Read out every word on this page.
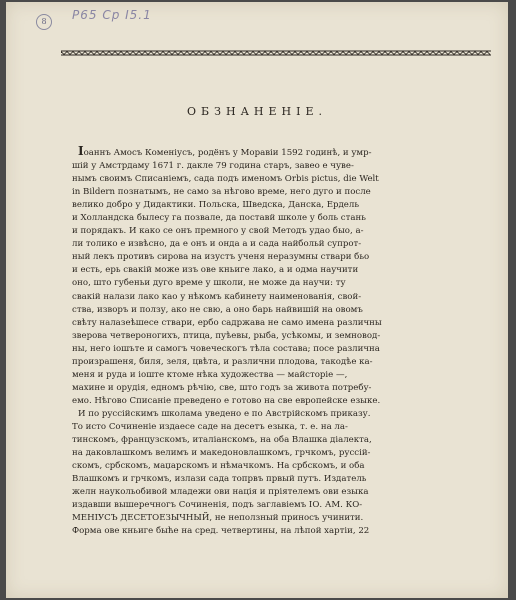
8	Р65 Ср І5.1
ОБЗНАНЕНІЕ.
Іоаннъ Амосъ Коменіусъ, родёнъ у Моравіи 1592 годинѣ, и умр-
шій у Амстрдаму 1671 г. дакле 79 година старъ, завео е чуве-
нымъ своимъ Списаніемъ, сада подъ именомъ Orbis pictus, die Welt
in Bildern познатымъ, не само за нѣгово време, него дуго и после
велико добро у Дидактики. Польска, Шведска, Данска, Ердель
и Холландска былесу га позвале, да поставй школе у боль стань
и порядакъ. И како се онъ премного у свой Методъ удао быо, а-
ли толико е извѣсно, да е онъ и онда а и сада найбольй супрот-
ный лекъ противъ сирова на изустъ ученя неразумны ствари бьо
и есть, ерь свакій може изъ ове кньиге лако, а и одма научити
оно, што губеньи дуго време у школи, не може да научи: ту
свакій налази лако као у нѣкомъ кабинету наименованія, свой-
ства, изворъ и ползу, ако не свю, а оно барь найвишій на овомъ
свѣту налазеѣшесе ствари, ербо садржава не само имена различны
зверова четвероногихъ, птица, пуѣевы, рыба, усѣкомы, и земновод-
ны, него іошъте и самогъ човеческогъ тѣла состава; посе различна
произрашеня, биля, зеля, цвѣта, и различни плодова, такодѣе ка-
меня и руда и іоште ктоме нѣка художества — майсторіе —,
махине и орудія, едномъ рѣчію, све, што годъ за живота потребу-
емо. Нѣгово Списаніе преведено е готово на све европейске езыке.
И по руссійскимъ школама уведено е по Австрійскомъ приказу.
То исто Сочиненіе издаесе саде на десетъ езыка, т. е. на ла-
тинскомъ, французскомъ, италіанскомъ, на оба Влашка діалекта,
на даковлашкомъ велимъ и македоновлашкомъ, грчкомъ, руссій-
скомъ, србскомъ, маџарскомъ и нѣмачкомъ. На србскомъ, и оба
Влашкомъ и грчкомъ, излази сада топрвъ првый путъ. Издатель
желн наукольобивой младежи ови нація и пріятелемъ ови езыка
издавши вышеречногъ Сочиненія, подъ заглавіемъ ІО. АМ. КО-
МЕНІУСЪ ДЕСЕТОЕЗЫЧНЫЙ, не неползный приносъ учинити.
Форма ове кньиге быће на сред. четвертины, на лѣпой хартіи, 22
